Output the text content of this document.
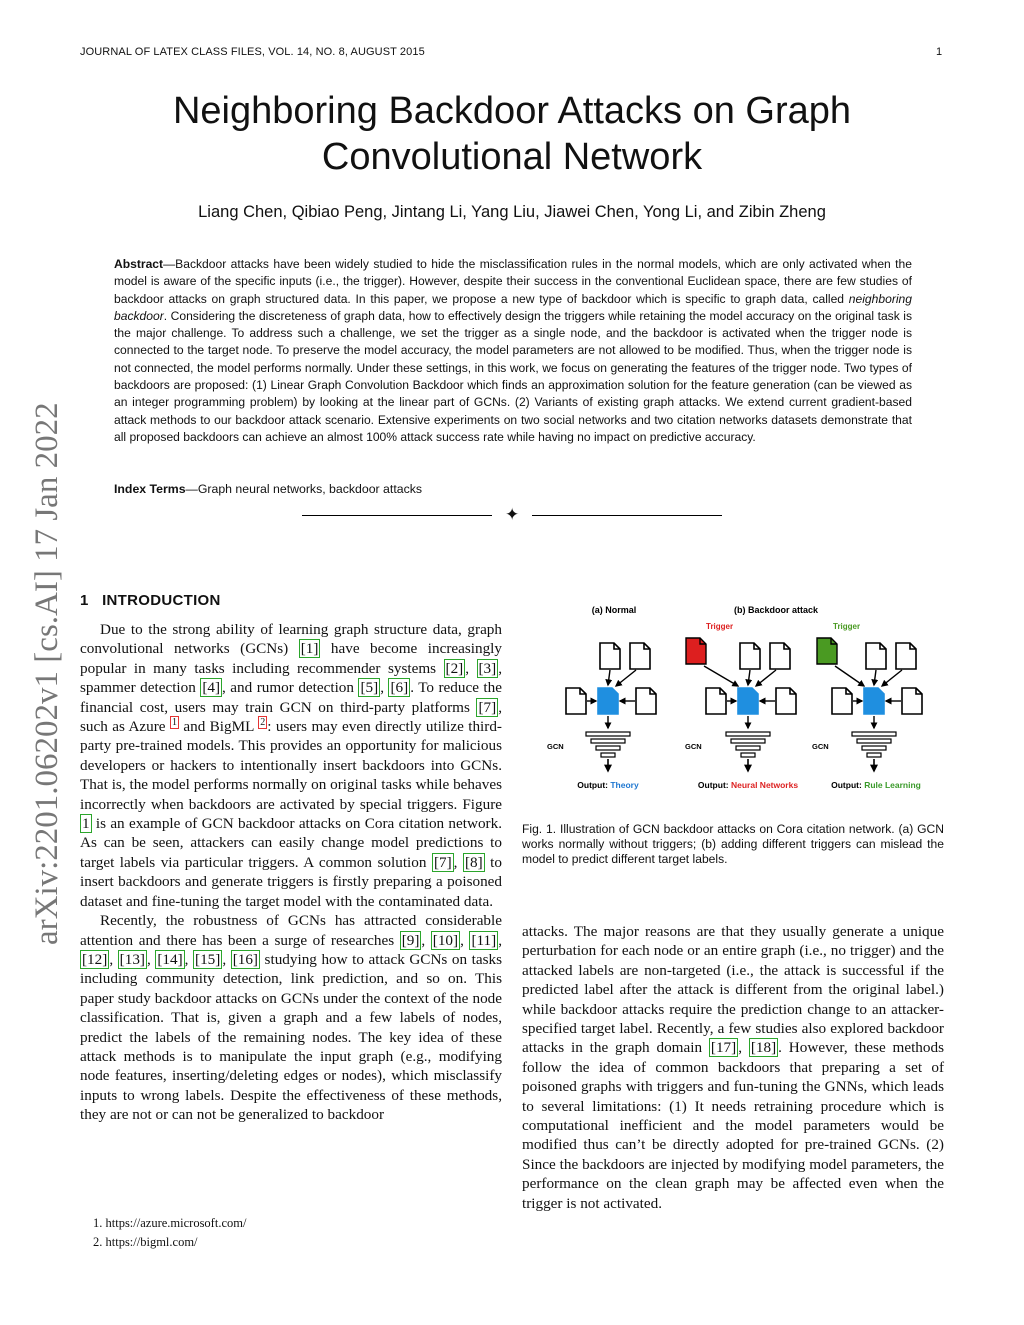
JOURNAL OF LATEX CLASS FILES, VOL. 14, NO. 8, AUGUST 2015	1
Neighboring Backdoor Attacks on Graph Convolutional Network
Liang Chen, Qibiao Peng, Jintang Li, Yang Liu, Jiawei Chen, Yong Li, and Zibin Zheng

Abstract—Backdoor attacks have been widely studied to hide the misclassification rules in the normal models, which are only activated when the model is aware of the specific inputs (i.e., the trigger). However, despite their success in the conventional Euclidean space, there are few studies of backdoor attacks on graph structured data. In this paper, we propose a new type of backdoor which is specific to graph data, called neighboring backdoor. Considering the discreteness of graph data, how to effectively design the triggers while retaining the model accuracy on the original task is the major challenge. To address such a challenge, we set the trigger as a single node, and the backdoor is activated when the trigger node is connected to the target node. To preserve the model accuracy, the model parameters are not allowed to be modified. Thus, when the trigger node is not connected, the model performs normally. Under these settings, in this work, we focus on generating the features of the trigger node. Two types of backdoors are proposed: (1) Linear Graph Convolution Backdoor which finds an approximation solution for the feature generation (can be viewed as an integer programming problem) by looking at the linear part of GCNs. (2) Variants of existing graph attacks. We extend current gradient-based attack methods to our backdoor attack scenario. Extensive experiments on two social networks and two citation networks datasets demonstrate that all proposed backdoors can achieve an almost 100% attack success rate while having no impact on predictive accuracy.

Index Terms—Graph neural networks, backdoor attacks
✦
1 INTRODUCTION

Due to the strong ability of learning graph structure data, graph convolutional networks (GCNs) [1] have become increasingly popular in many tasks including recommender systems [2] , [3] , spammer detection [4] , and rumor detection [5] , [6] . To reduce the financial cost, users may train GCN on third-party platforms [7] , such as Azure $^1$ and BigML $^2$ : users may even directly utilize third-party pre-trained models. This provides an opportunity for malicious developers or hackers to intentionally insert backdoors into GCNs. That is, the model performs normally on original tasks while behaves incorrectly when backdoors are activated by special triggers. Figure 1 is an example of GCN backdoor attacks on Cora citation network. As can be seen, attackers can easily change model predictions to target labels via particular triggers. A common solution [7] , [8] to insert backdoors and generate triggers is firstly preparing a poisoned dataset and fine-tuning the target model with the contaminated data.

Recently, the robustness of GCNs has attracted considerable attention and there has been a surge of researches [9] , [10] , [11] , [12] , [13] , [14] , [15] , [16] studying how to attack GCNs on tasks including community detection, link prediction, and so on. This paper study backdoor attacks on GCNs under the context of the node classification. That is, given a graph and a few labels of nodes, predict the labels of the remaining nodes. The key idea of these attack methods is to manipulate the input graph (e.g., modifying node features, inserting/deleting edges or nodes), which misclassify inputs to wrong labels. Despite the effectiveness of these methods, they are not or can not be generalized to backdoor

1. https://azure.microsoft.com/
2. https://bigml.com/
(a) Normal	(b) Backdoor attack
GCN
Trigger
GCN
Trigger
GCN
Output: Theory	Output: Neural Networks	Output: Rule Learning

Fig. 1. Illustration of GCN backdoor attacks on Cora citation network. (a) GCN works normally without triggers; (b) adding different triggers can mislead the model to predict different target labels.

attacks. The major reasons are that they usually generate a unique perturbation for each node or an entire graph (i.e., no trigger) and the attacked labels are non-targeted (i.e., the attack is successful if the predicted label after the attack is different from the original label.) while backdoor attacks require the prediction change to an attacker-specified target label. Recently, a few studies also explored backdoor attacks in the graph domain [17] , [18] . However, these methods follow the idea of common backdoors that preparing a set of poisoned graphs with triggers and fun-tuning the GNNs, which leads to several limitations: (1) It needs retraining procedure which is computational inefficient and the model parameters would be modified thus can’t be directly adopted for pre-trained GCNs. (2) Since the backdoors are injected by modifying model parameters, the performance on the clean graph may be affected even when the trigger is not activated.

arXiv:2201.06202v1 [cs.AI] 17 Jan 2022
